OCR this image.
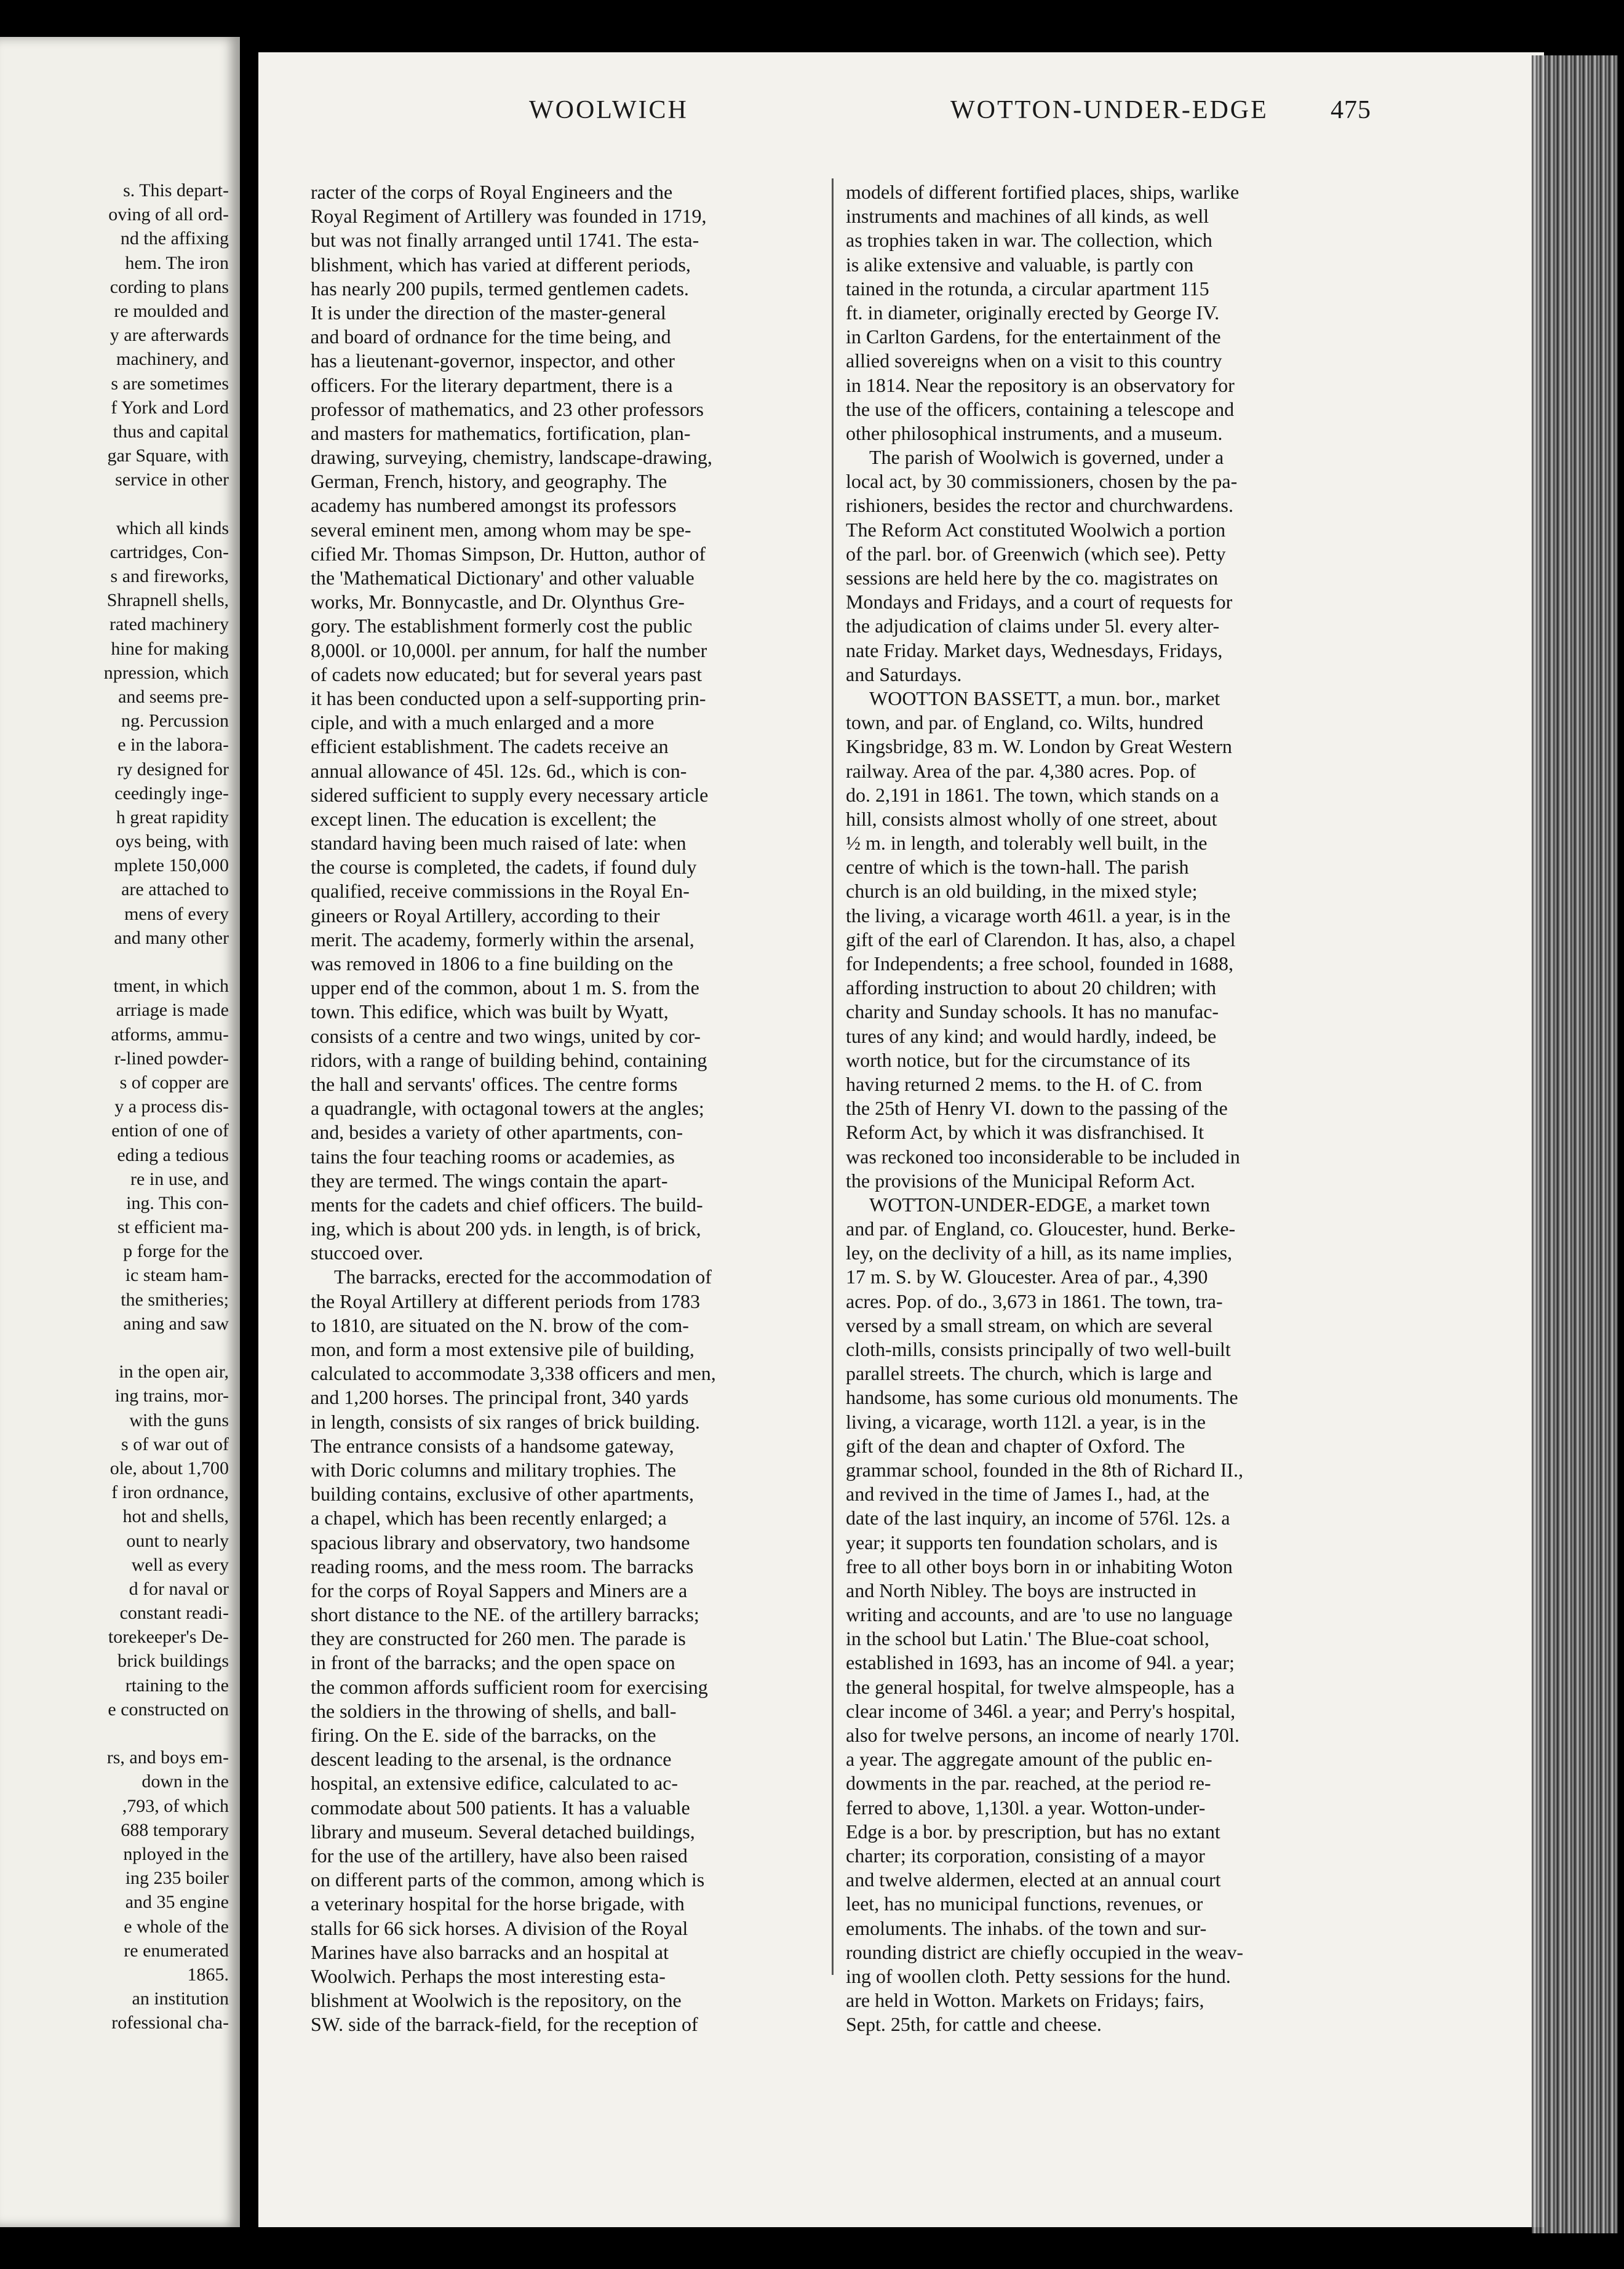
s. This depart-
oving of all ord-
nd the affixing
hem. The iron
cording to plans
re moulded and
y are afterwards
machinery, and
s are sometimes
f York and Lord
thus and capital
gar Square, with
service in other
which all kinds
cartridges, Con-
s and fireworks,
Shrapnell shells,
rated machinery
hine for making
npression, which
and seems pre-
ng. Percussion
e in the labora-
ry designed for
ceedingly inge-
h great rapidity
oys being, with
mplete 150,000
are attached to
mens of every
and many other
tment, in which
arriage is made
atforms, ammu-
r-lined powder-
s of copper are
y a process dis-
ention of one of
eding a tedious
re in use, and
ing. This con-
st efficient ma-
p forge for the
ic steam ham-
the smitheries;
aning and saw
in the open air,
ing trains, mor-
with the guns
s of war out of
ole, about 1,700
f iron ordnance,
hot and shells,
ount to nearly
well as every
d for naval or
constant readi-
torekeeper's De-
brick buildings
rtaining to the
e constructed on
rs, and boys em-
down in the
,793, of which
688 temporary
nployed in the
ing 235 boiler
and 35 engine
e whole of the
re enumerated
1865.
an institution
rofessional cha-
WOOLWICH	WOTTON-UNDER-EDGE 475
racter of the corps of Royal Engineers and the
Royal Regiment of Artillery was founded in 1719,
but was not finally arranged until 1741. The esta-
blishment, which has varied at different periods,
has nearly 200 pupils, termed gentlemen cadets.
It is under the direction of the master-general
and board of ordnance for the time being, and
has a lieutenant-governor, inspector, and other
officers. For the literary department, there is a
professor of mathematics, and 23 other professors
and masters for mathematics, fortification, plan-
drawing, surveying, chemistry, landscape-drawing,
German, French, history, and geography. The
academy has numbered amongst its professors
several eminent men, among whom may be spe-
cified Mr. Thomas Simpson, Dr. Hutton, author of
the 'Mathematical Dictionary' and other valuable
works, Mr. Bonnycastle, and Dr. Olynthus Gre-
gory. The establishment formerly cost the public
8,000l. or 10,000l. per annum, for half the number
of cadets now educated; but for several years past
it has been conducted upon a self-supporting prin-
ciple, and with a much enlarged and a more
efficient establishment. The cadets receive an
annual allowance of 45l. 12s. 6d., which is con-
sidered sufficient to supply every necessary article
except linen. The education is excellent; the
standard having been much raised of late: when
the course is completed, the cadets, if found duly
qualified, receive commissions in the Royal En-
gineers or Royal Artillery, according to their
merit. The academy, formerly within the arsenal,
was removed in 1806 to a fine building on the
upper end of the common, about 1 m. S. from the
town. This edifice, which was built by Wyatt,
consists of a centre and two wings, united by cor-
ridors, with a range of building behind, containing
the hall and servants' offices. The centre forms
a quadrangle, with octagonal towers at the angles;
and, besides a variety of other apartments, con-
tains the four teaching rooms or academies, as
they are termed. The wings contain the apart-
ments for the cadets and chief officers. The build-
ing, which is about 200 yds. in length, is of brick,
stuccoed over.
The barracks, erected for the accommodation of
the Royal Artillery at different periods from 1783
to 1810, are situated on the N. brow of the com-
mon, and form a most extensive pile of building,
calculated to accommodate 3,338 officers and men,
and 1,200 horses. The principal front, 340 yards
in length, consists of six ranges of brick building.
The entrance consists of a handsome gateway,
with Doric columns and military trophies. The
building contains, exclusive of other apartments,
a chapel, which has been recently enlarged; a
spacious library and observatory, two handsome
reading rooms, and the mess room. The barracks
for the corps of Royal Sappers and Miners are a
short distance to the NE. of the artillery barracks;
they are constructed for 260 men. The parade is
in front of the barracks; and the open space on
the common affords sufficient room for exercising
the soldiers in the throwing of shells, and ball-
firing. On the E. side of the barracks, on the
descent leading to the arsenal, is the ordnance
hospital, an extensive edifice, calculated to ac-
commodate about 500 patients. It has a valuable
library and museum. Several detached buildings,
for the use of the artillery, have also been raised
on different parts of the common, among which is
a veterinary hospital for the horse brigade, with
stalls for 66 sick horses. A division of the Royal
Marines have also barracks and an hospital at
Woolwich. Perhaps the most interesting esta-
blishment at Woolwich is the repository, on the
SW. side of the barrack-field, for the reception of
models of different fortified places, ships, warlike
instruments and machines of all kinds, as well
as trophies taken in war. The collection, which
is alike extensive and valuable, is partly con
tained in the rotunda, a circular apartment 115
ft. in diameter, originally erected by George IV.
in Carlton Gardens, for the entertainment of the
allied sovereigns when on a visit to this country
in 1814. Near the repository is an observatory for
the use of the officers, containing a telescope and
other philosophical instruments, and a museum.
The parish of Woolwich is governed, under a
local act, by 30 commissioners, chosen by the pa-
rishioners, besides the rector and churchwardens.
The Reform Act constituted Woolwich a portion
of the parl. bor. of Greenwich (which see). Petty
sessions are held here by the co. magistrates on
Mondays and Fridays, and a court of requests for
the adjudication of claims under 5l. every alter-
nate Friday. Market days, Wednesdays, Fridays,
and Saturdays.
WOOTTON BASSETT, a mun. bor., market
town, and par. of England, co. Wilts, hundred
Kingsbridge, 83 m. W. London by Great Western
railway. Area of the par. 4,380 acres. Pop. of
do. 2,191 in 1861. The town, which stands on a
hill, consists almost wholly of one street, about
½ m. in length, and tolerably well built, in the
centre of which is the town-hall. The parish
church is an old building, in the mixed style;
the living, a vicarage worth 461l. a year, is in the
gift of the earl of Clarendon. It has, also, a chapel
for Independents; a free school, founded in 1688,
affording instruction to about 20 children; with
charity and Sunday schools. It has no manufac-
tures of any kind; and would hardly, indeed, be
worth notice, but for the circumstance of its
having returned 2 mems. to the H. of C. from
the 25th of Henry VI. down to the passing of the
Reform Act, by which it was disfranchised. It
was reckoned too inconsiderable to be included in
the provisions of the Municipal Reform Act.
WOTTON-UNDER-EDGE, a market town
and par. of England, co. Gloucester, hund. Berke-
ley, on the declivity of a hill, as its name implies,
17 m. S. by W. Gloucester. Area of par., 4,390
acres. Pop. of do., 3,673 in 1861. The town, tra-
versed by a small stream, on which are several
cloth-mills, consists principally of two well-built
parallel streets. The church, which is large and
handsome, has some curious old monuments. The
living, a vicarage, worth 112l. a year, is in the
gift of the dean and chapter of Oxford. The
grammar school, founded in the 8th of Richard II.,
and revived in the time of James I., had, at the
date of the last inquiry, an income of 576l. 12s. a
year; it supports ten foundation scholars, and is
free to all other boys born in or inhabiting Woton
and North Nibley. The boys are instructed in
writing and accounts, and are 'to use no language
in the school but Latin.' The Blue-coat school,
established in 1693, has an income of 94l. a year;
the general hospital, for twelve almspeople, has a
clear income of 346l. a year; and Perry's hospital,
also for twelve persons, an income of nearly 170l.
a year. The aggregate amount of the public en-
dowments in the par. reached, at the period re-
ferred to above, 1,130l. a year. Wotton-under-
Edge is a bor. by prescription, but has no extant
charter; its corporation, consisting of a mayor
and twelve aldermen, elected at an annual court
leet, has no municipal functions, revenues, or
emoluments. The inhabs. of the town and sur-
rounding district are chiefly occupied in the weav-
ing of woollen cloth. Petty sessions for the hund.
are held in Wotton. Markets on Fridays; fairs,
Sept. 25th, for cattle and cheese.
